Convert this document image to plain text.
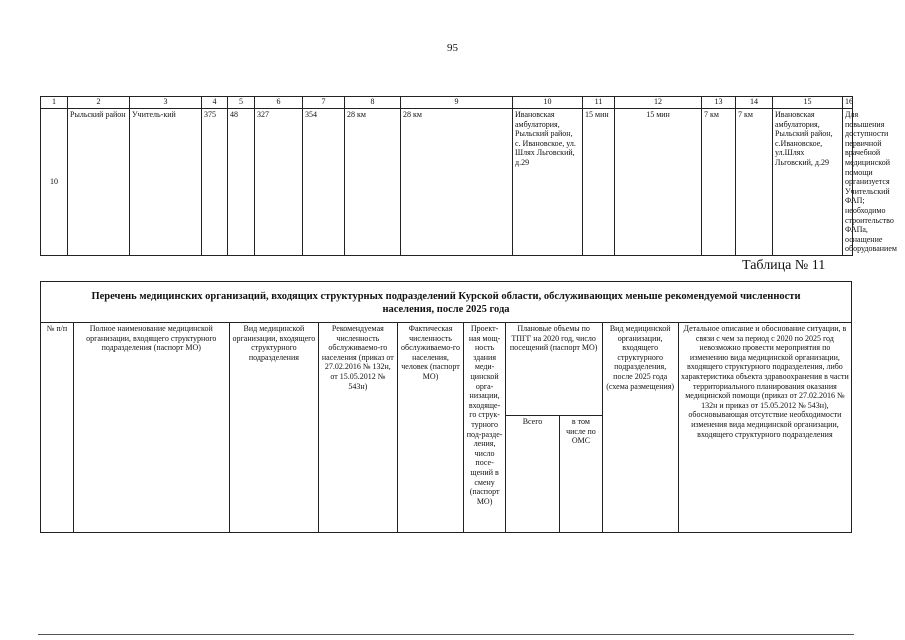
95
1	2	3	4	5	6	7	8	9	10	11	12	13	14	15	16
10	Рыльский район	Учитель-кий	375	48	327	354	28 км	28 км	Ивановская амбулатория, Рыльский район, с. Ивановское, ул. Шлях Льговский, д.29	15 мин	15 мин	7 км	7 км	Ивановская амбулатория, Рыльский район, с.Ивановское, ул.Шлях Льговский, д.29	Для повышения доступности первичной врачебной медицинской помощи организуется Учительский ФАП; необходимо строительство ФАПа, оснащение оборудованием
Таблица № 11
Перечень медицинских организаций, входящих структурных подразделений Курской области, обслуживающих меньше рекомендуемой численности населения, после 2025 года
№ п/п	Полное наименование медицинской организации, входящего структурного подразделения (паспорт МО)	Вид медицинской организации, входящего структурного подразделения	Рекомендуемая численность обслуживаемо-го населения (приказ от 27.02.2016 № 132н, от 15.05.2012 № 543н)	Фактическая численность обслуживаемо-го населения, человек (паспорт МО)	Проект-ная мощ-ность здания меди-цинской орга-низации, входяще-го струк-турного под-разде-ления, число посе-щений в смену (паспорт МО)	Плановые объемы по ТПГГ на 2020 год, число посещений (паспорт МО)		Вид медицинской организации, входящего структурного подразделения, после 2025 года (схема размещения)	Детальное описание и обоснование ситуации, в связи с чем за период с 2020 по 2025 год невозможно провести мероприятия по изменению вида медицинской организации, входящего структурного подразделения, либо характеристика объекта здравоохранения в части территориального планирования оказания медицинской помощи (приказ от 27.02.2016 № 132н и приказ от 15.05.2012 № 543н), обосновывающая отсутствие необходимости изменения вида медицинской организации, входящего структурного подразделения
						Всего	в том числе по ОМС		
